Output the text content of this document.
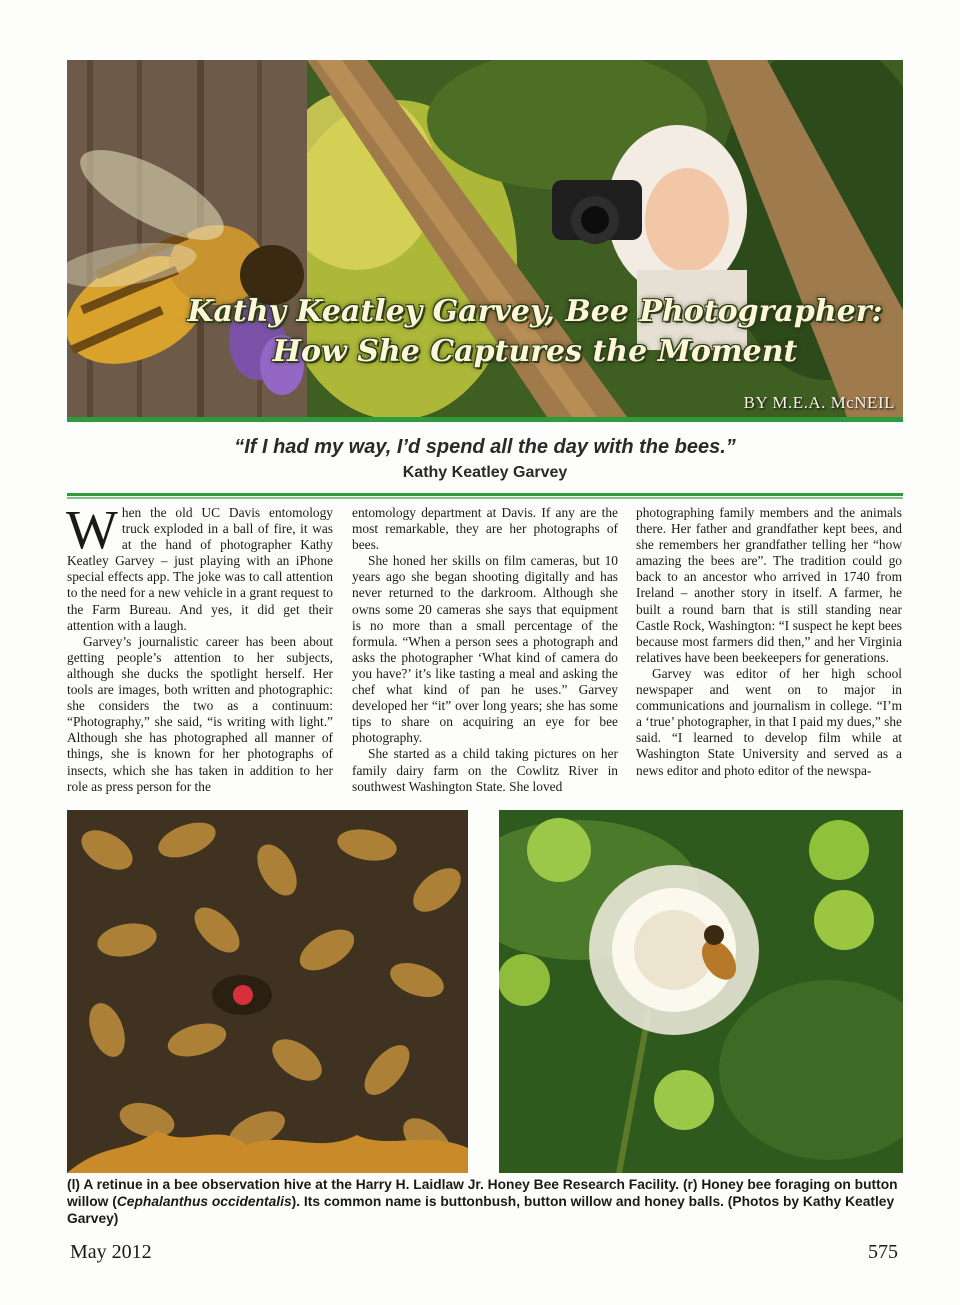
Kathy Keatley Garvey, Bee Photographer:
How She Captures the Moment
BY M.E.A. McNEIL
“If I had my way, I’d spend all the day with the bees.”
Kathy Keatley Garvey

When the old UC Davis entomology truck exploded in a ball of fire, it was at the hand of photographer Kathy Keatley Garvey – just playing with an iPhone special effects app. The joke was to call attention to the need for a new vehicle in a grant request to the Farm Bureau. And yes, it did get their attention with a laugh.

Garvey’s journalistic career has been about getting people’s attention to her subjects, although she ducks the spotlight herself. Her tools are images, both written and photographic: she considers the two as a continuum: “Photography,” she said, “is writing with light.” Although she has photographed all manner of things, she is known for her photographs of insects, which she has taken in addition to her role as press person for the

entomology department at Davis. If any are the most remarkable, they are her photographs of bees.

She honed her skills on film cameras, but 10 years ago she began shooting digitally and has never returned to the darkroom. Although she owns some 20 cameras she says that equipment is no more than a small percentage of the formula. “When a person sees a photograph and asks the photographer ‘What kind of camera do you have?’ it’s like tasting a meal and asking the chef what kind of pan he uses.” Garvey developed her “it” over long years; she has some tips to share on acquiring an eye for bee photography.

She started as a child taking pictures on her family dairy farm on the Cowlitz River in southwest Washington State. She loved

photographing family members and the animals there. Her father and grandfather kept bees, and she remembers her grandfather telling her “how amazing the bees are”. The tradition could go back to an ancestor who arrived in 1740 from Ireland – another story in itself. A farmer, he built a round barn that is still standing near Castle Rock, Washington: “I suspect he kept bees because most farmers did then,” and her Virginia relatives have been beekeepers for generations.

Garvey was editor of her high school newspaper and went on to major in communications and journalism in college. “I’m a ‘true’ photographer, in that I paid my dues,” she said. “I learned to develop film while at Washington State University and served as a news editor and photo editor of the newspa-

(l) A retinue in a bee observation hive at the Harry H. Laidlaw Jr. Honey Bee Research Facility. (r) Honey bee foraging on button willow (Cephalanthus occidentalis). Its common name is buttonbush, button willow and honey balls. (Photos by Kathy Keatley Garvey)
May 2012	575
